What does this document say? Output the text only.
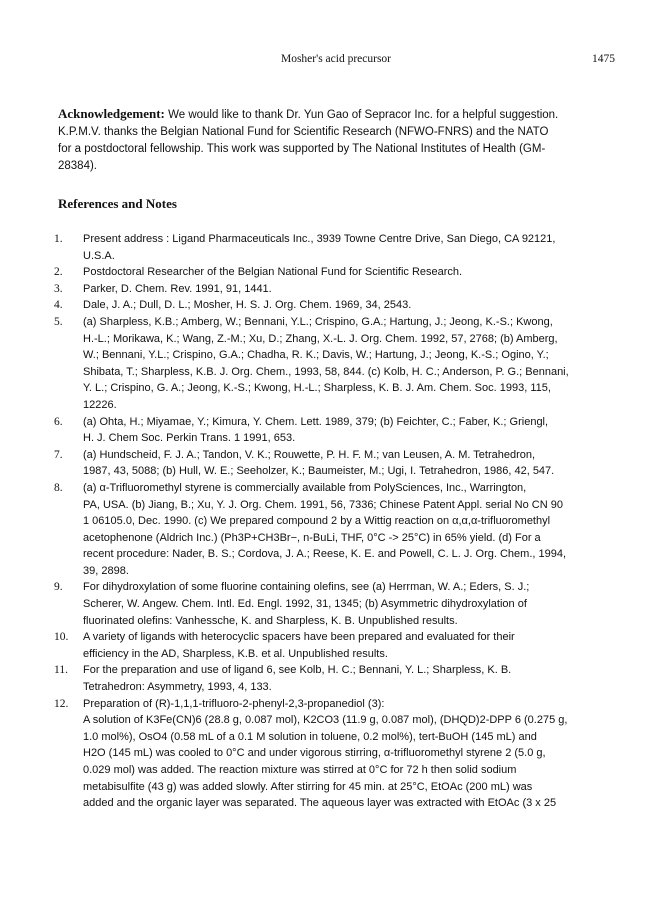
Mosher's acid precursor	1475
Acknowledgement: We would like to thank Dr. Yun Gao of Sepracor Inc. for a helpful suggestion.
K.P.M.V. thanks the Belgian National Fund for Scientific Research (NFWO-FNRS) and the NATO
for a postdoctoral fellowship. This work was supported by The National Institutes of Health (GM-
28384).
References and Notes
1.	Present address : Ligand Pharmaceuticals Inc., 3939 Towne Centre Drive, San Diego, CA 92121,
U.S.A.
2.	Postdoctoral Researcher of the Belgian National Fund for Scientific Research.
3.	Parker, D. Chem. Rev. 1991, 91, 1441.
4.	Dale, J. A.; Dull, D. L.; Mosher, H. S. J. Org. Chem. 1969, 34, 2543.
5.	(a) Sharpless, K.B.; Amberg, W.; Bennani, Y.L.; Crispino, G.A.; Hartung, J.; Jeong, K.-S.; Kwong,
H.-L.; Morikawa, K.; Wang, Z.-M.; Xu, D.; Zhang, X.-L. J. Org. Chem. 1992, 57, 2768; (b) Amberg,
W.; Bennani, Y.L.; Crispino, G.A.; Chadha, R. K.; Davis, W.; Hartung, J.; Jeong, K.-S.; Ogino, Y.;
Shibata, T.; Sharpless, K.B. J. Org. Chem., 1993, 58, 844. (c) Kolb, H. C.; Anderson, P. G.; Bennani,
Y. L.; Crispino, G. A.; Jeong, K.-S.; Kwong, H.-L.; Sharpless, K. B. J. Am. Chem. Soc. 1993, 115,
12226.
6.	(a) Ohta, H.; Miyamae, Y.; Kimura, Y. Chem. Lett. 1989, 379; (b) Feichter, C.; Faber, K.; Griengl,
H. J. Chem Soc. Perkin Trans. 1 1991, 653.
7.	(a) Hundscheid, F. J. A.; Tandon, V. K.; Rouwette, P. H. F. M.; van Leusen, A. M. Tetrahedron,
1987, 43, 5088; (b) Hull, W. E.; Seeholzer, K.; Baumeister, M.; Ugi, I. Tetrahedron, 1986, 42, 547.
8.	(a) α-Trifluoromethyl styrene is commercially available from PolySciences, Inc., Warrington,
PA, USA. (b) Jiang, B.; Xu, Y. J. Org. Chem. 1991, 56, 7336; Chinese Patent Appl. serial No CN 90
1 06105.0, Dec. 1990. (c) We prepared compound 2 by a Wittig reaction on α,α,α-trifluoromethyl
acetophenone (Aldrich Inc.) (Ph3P+CH3Br−, n-BuLi, THF, 0°C -> 25°C) in 65% yield. (d) For a
recent procedure: Nader, B. S.; Cordova, J. A.; Reese, K. E. and Powell, C. L. J. Org. Chem., 1994,
39, 2898.
9.	For dihydroxylation of some fluorine containing olefins, see (a) Herrman, W. A.; Eders, S. J.;
Scherer, W. Angew. Chem. Intl. Ed. Engl. 1992, 31, 1345; (b) Asymmetric dihydroxylation of
fluorinated olefins: Vanhessche, K. and Sharpless, K. B. Unpublished results.
10.	A variety of ligands with heterocyclic spacers have been prepared and evaluated for their
efficiency in the AD, Sharpless, K.B. et al. Unpublished results.
11.	For the preparation and use of ligand 6, see Kolb, H. C.; Bennani, Y. L.; Sharpless, K. B.
Tetrahedron: Asymmetry, 1993, 4, 133.
12.	Preparation of (R)-1,1,1-trifluoro-2-phenyl-2,3-propanediol (3):
A solution of K3Fe(CN)6 (28.8 g, 0.087 mol), K2CO3 (11.9 g, 0.087 mol), (DHQD)2-DPP 6 (0.275 g,
1.0 mol%), OsO4 (0.58 mL of a 0.1 M solution in toluene, 0.2 mol%), tert-BuOH (145 mL) and
H2O (145 mL) was cooled to 0°C and under vigorous stirring, α-trifluoromethyl styrene 2 (5.0 g,
0.029 mol) was added. The reaction mixture was stirred at 0°C for 72 h then solid sodium
metabisulfite (43 g) was added slowly. After stirring for 45 min. at 25°C, EtOAc (200 mL) was
added and the organic layer was separated. The aqueous layer was extracted with EtOAc (3 x 25
